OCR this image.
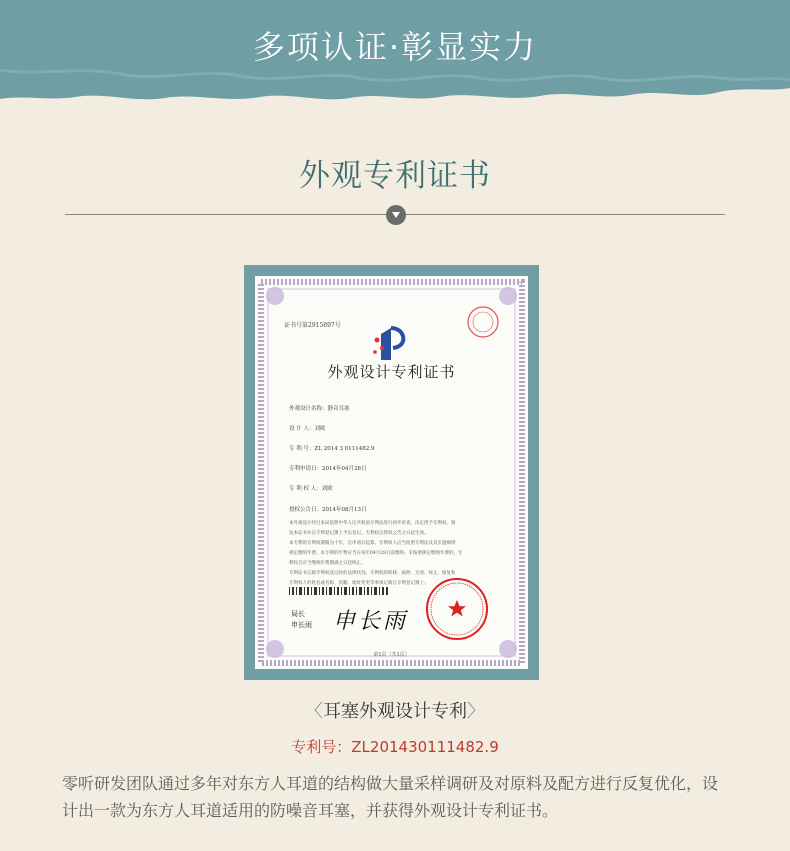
多项认证·彰显实力
外观专利证书
证书号第2915897号
外观设计专利证书
外观设计名称：静音耳塞
设 计 人：刘欧
专 利 号：ZL 2014 3 0111482.9
专利申请日：2014年04月28日
专 利 权 人：刘欧
授权公告日：2014年08月13日
本外观设计经过本局依照中华人民共和国专利法进行初步审查，决定授予专利权，颁
发本证书并在专利登记簿上予以登记。专利权自授权公告之日起生效。
本专利的专利权期限为十年，自申请日起算。专利权人应当依照专利法及其实施细则
规定缴纳年费。本专利的年费应当在每年04月28日前缴纳。未按照规定缴纳年费的，专
利权自应当缴纳年费期满之日起终止。
专利证书记载专利权登记时的法律状况。专利权的转移、质押、无效、终止、恢复和
专利权人的姓名或名称、国籍、地址变更等事项记载在专利登记簿上。
局长
申长雨 申长雨
第1页（共1页）
〈耳塞外观设计专利〉
专利号：ZL201430111482.9
零听研发团队通过多年对东方人耳道的结构做大量采样调研及对原料及配方进行反复优化，设计出一款为东方人耳道适用的防噪音耳塞，并获得外观设计专利证书。
